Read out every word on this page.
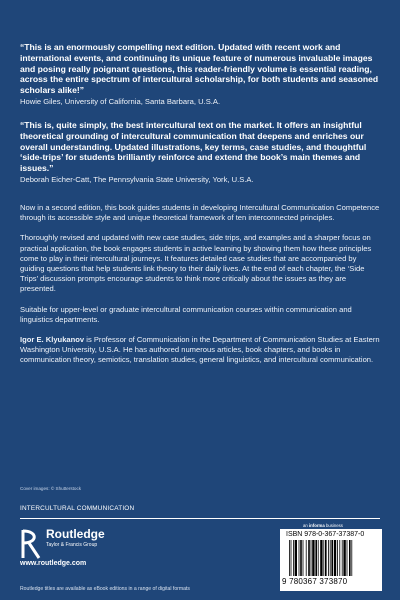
“This is an enormously compelling next edition. Updated with recent work and international events, and continuing its unique feature of numerous invaluable images and posing really poignant questions, this reader-friendly volume is essential reading, across the entire spectrum of intercultural scholarship, for both students and seasoned scholars alike!”

Howie Giles, University of California, Santa Barbara, U.S.A.

“This is, quite simply, the best intercultural text on the market. It offers an insightful theoretical grounding of intercultural communication that deepens and enriches our overall understanding. Updated illustrations, key terms, case studies, and thoughtful ‘side-trips’ for students brilliantly reinforce and extend the book’s main themes and issues.”

Deborah Eicher-Catt, The Pennsylvania State University, York, U.S.A.

Now in a second edition, this book guides students in developing Intercultural Communication Competence through its accessible style and unique theoretical framework of ten interconnected principles.

Thoroughly revised and updated with new case studies, side trips, and examples and a sharper focus on practical application, the book engages students in active learning by showing them how these principles come to play in their intercultural journeys. It features detailed case studies that are accompanied by guiding questions that help students link theory to their daily lives. At the end of each chapter, the ‘Side Trips’ discussion prompts encourage students to think more critically about the issues as they are presented.

Suitable for upper-level or graduate intercultural communication courses within communication and linguistics departments.

Igor E. Klyukanov is Professor of Communication in the Department of Communication Studies at Eastern Washington University, U.S.A. He has authored numerous articles, book chapters, and books in communication theory, semiotics, translation studies, general linguistics, and intercultural communication.

Cover images: © Shutterstock
INTERCULTURAL COMMUNICATION
Routledge
Taylor & Francis Group
www.routledge.com
an informa business
ISBN 978-0-367-37387-0
9 780367 373870
Routledge titles are available as eBook editions in a range of digital formats
